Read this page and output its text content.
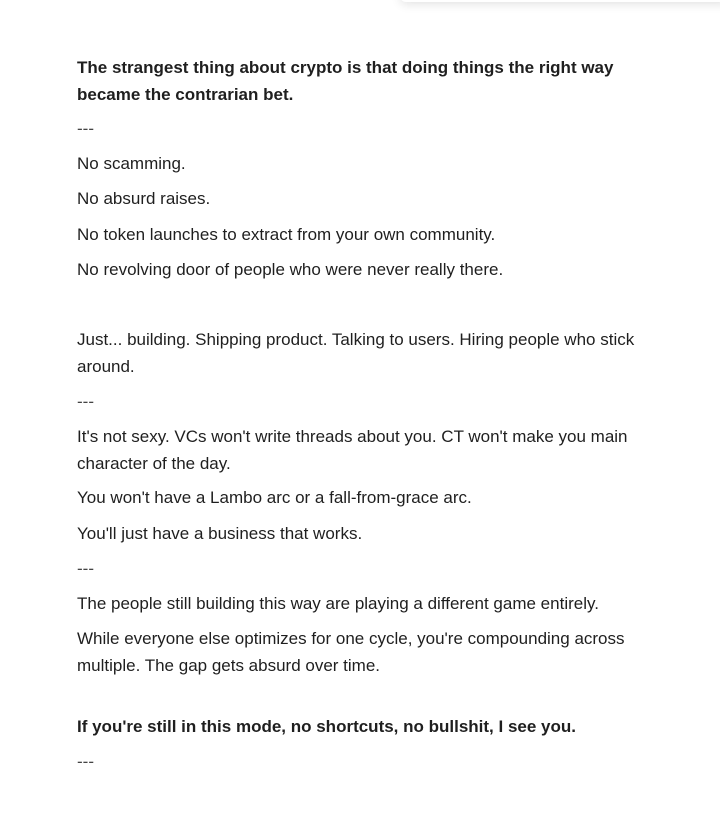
The strangest thing about crypto is that doing things the right way became the contrarian bet.

---

No scamming.

No absurd raises.

No token launches to extract from your own community.

No revolving door of people who were never really there.

Just... building. Shipping product. Talking to users. Hiring people who stick around.

---

It's not sexy. VCs won't write threads about you. CT won't make you main character of the day.

You won't have a Lambo arc or a fall-from-grace arc.

You'll just have a business that works.

---

The people still building this way are playing a different game entirely.

While everyone else optimizes for one cycle, you're compounding across multiple. The gap gets absurd over time.

If you're still in this mode, no shortcuts, no bullshit, I see you.

---
